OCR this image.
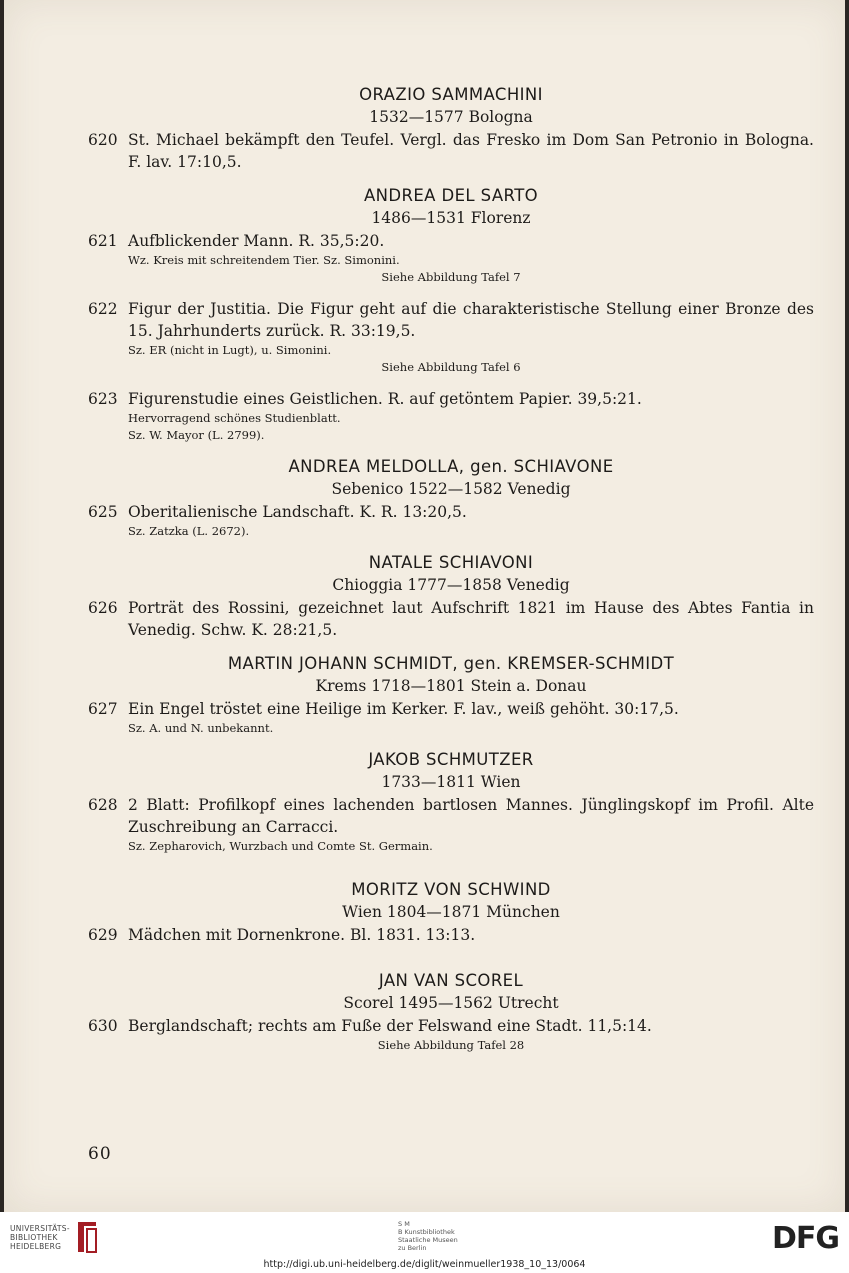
ORAZIO SAMMACHINI
1532—1577 Bologna
620 St. Michael bekämpft den Teufel. Vergl. das Fresko im Dom San Petronio in Bologna. F. lav. 17:10,5.
ANDREA DEL SARTO
1486—1531 Florenz
621 Aufblickender Mann. R. 35,5:20.
Wz. Kreis mit schreitendem Tier. Sz. Simonini.
Siehe Abbildung Tafel 7
622 Figur der Justitia. Die Figur geht auf die charakteristische Stellung einer Bronze des 15. Jahrhunderts zurück. R. 33:19,5.
Sz. ER (nicht in Lugt), u. Simonini.
Siehe Abbildung Tafel 6
623 Figurenstudie eines Geistlichen. R. auf getöntem Papier. 39,5:21.
Hervorragend schönes Studienblatt.
Sz. W. Mayor (L. 2799).
ANDREA MELDOLLA, gen. SCHIAVONE
Sebenico 1522—1582 Venedig
625 Oberitalienische Landschaft. K. R. 13:20,5.
Sz. Zatzka (L. 2672).
NATALE SCHIAVONI
Chioggia 1777—1858 Venedig
626 Porträt des Rossini, gezeichnet laut Aufschrift 1821 im Hause des Abtes Fantia in Venedig. Schw. K. 28:21,5.
MARTIN JOHANN SCHMIDT, gen. KREMSER-SCHMIDT
Krems 1718—1801 Stein a. Donau
627 Ein Engel tröstet eine Heilige im Kerker. F. lav., weiß gehöht. 30:17,5.
Sz. A. und N. unbekannt.
JAKOB SCHMUTZER
1733—1811 Wien
628 2 Blatt: Profilkopf eines lachenden bartlosen Mannes. Jünglingskopf im Profil. Alte Zuschreibung an Carracci.
Sz. Zepharovich, Wurzbach und Comte St. Germain.
MORITZ VON SCHWIND
Wien 1804—1871 München
629 Mädchen mit Dornenkrone. Bl. 1831. 13:13.
JAN VAN SCOREL
Scorel 1495—1562 Utrecht
630 Berglandschaft; rechts am Fuße der Felswand eine Stadt. 11,5:14.
Siehe Abbildung Tafel 28
60
UNIVERSITÄTS-
BIBLIOTHEK
HEIDELBERG
S M
B Kunstbibliothek
Staatliche Museen
zu Berlin	DFG
http://digi.ub.uni-heidelberg.de/diglit/weinmueller1938_10_13/0064
